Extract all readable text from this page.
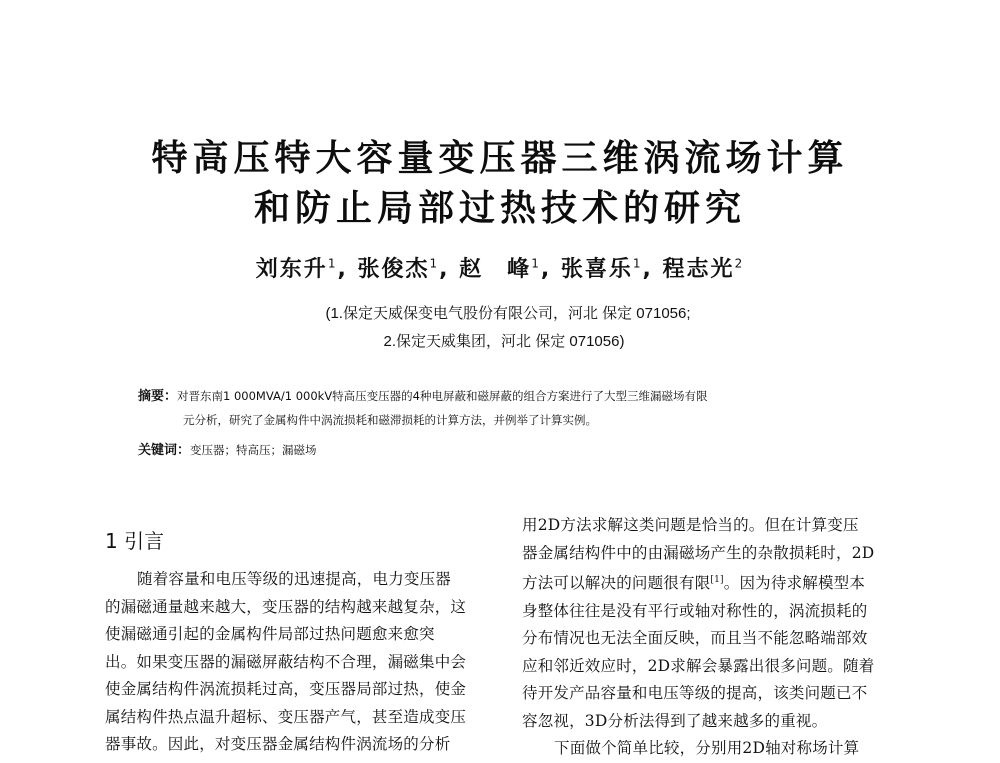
特高压特大容量变压器三维涡流场计算
和防止局部过热技术的研究
刘东升$^1$, 张俊杰$^1$, 赵　峰$^1$, 张喜乐$^1$, 程志光$^2$
(1.保定天威保变电气股份有限公司，河北 保定 071056;
2.保定天威集团，河北 保定 071056)
摘要：对晋东南1 000MVA/1 000kV特高压变压器的4种电屏蔽和磁屏蔽的组合方案进行了大型三维漏磁场有限
元分析，研究了金属构件中涡流损耗和磁滞损耗的计算方法，并例举了计算实例。
关键词：变压器；特高压；漏磁场
1 引言
随着容量和电压等级的迅速提高，电力变压器
的漏磁通量越来越大，变压器的结构越来越复杂，这
使漏磁通引起的金属构件局部过热问题愈来愈突
出。如果变压器的漏磁屏蔽结构不合理，漏磁集中会
使金属结构件涡流损耗过高，变压器局部过热，使金
属结构件热点温升超标、变压器产气，甚至造成变压
器事故。因此，对变压器金属结构件涡流场的分析
用2D方法求解这类问题是恰当的。但在计算变压
器金属结构件中的由漏磁场产生的杂散损耗时，2D
方法可以解决的问题很有限[1]。因为待求解模型本
身整体往往是没有平行或轴对称性的，涡流损耗的
分布情况也无法全面反映，而且当不能忽略端部效
应和邻近效应时，2D求解会暴露出很多问题。随着
待开发产品容量和电压等级的提高，该类问题已不
容忽视，3D分析法得到了越来越多的重视。
下面做个简单比较，分别用2D轴对称场计算
